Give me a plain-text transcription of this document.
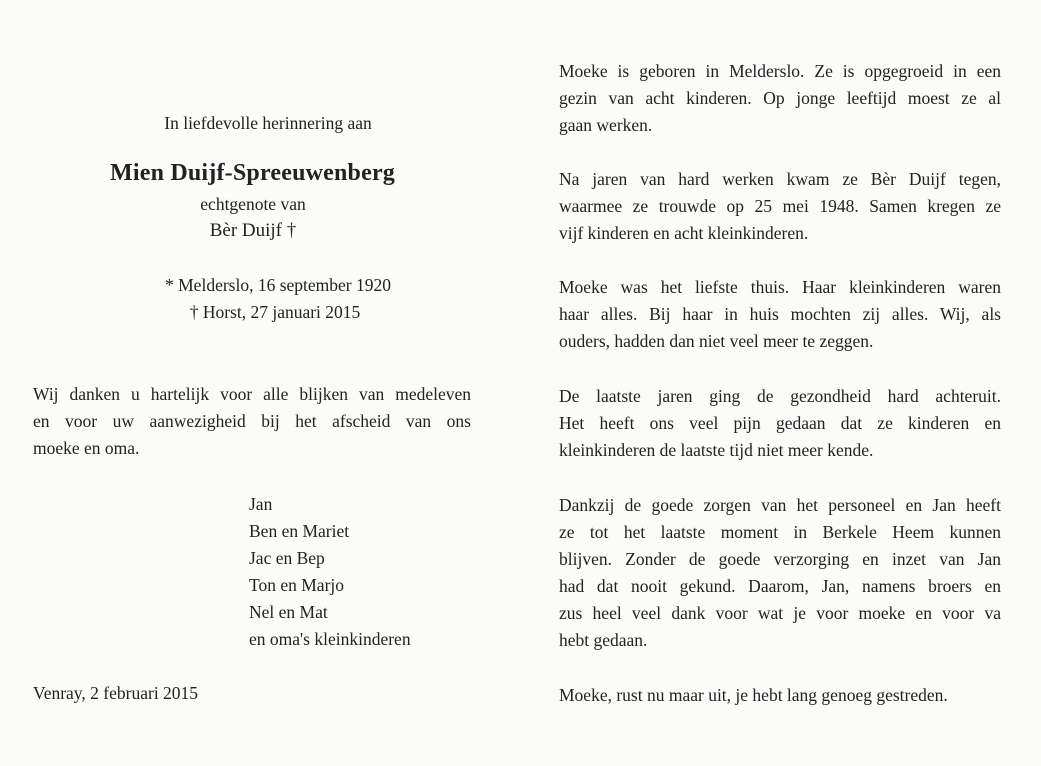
In liefdevolle herinnering aan

Mien Duijf-Spreeuwenberg

echtgenote van

Bèr Duijf †

* Melderslo, 16 september 1920

† Horst, 27 januari 2015

Wij danken u hartelijk voor alle blijken van medeleven
en voor uw aanwezigheid bij het afscheid van ons
moeke en oma.
Jan
Ben en Mariet
Jac en Bep
Ton en Marjo
Nel en Mat
en oma's kleinkinderen

Venray, 2 februari 2015

Moeke is geboren in Melderslo. Ze is opgegroeid in een
gezin van acht kinderen. Op jonge leeftijd moest ze al
gaan werken.
Na jaren van hard werken kwam ze Bèr Duijf tegen,
waarmee ze trouwde op 25 mei 1948. Samen kregen ze
vijf kinderen en acht kleinkinderen.
Moeke was het liefste thuis. Haar kleinkinderen waren
haar alles. Bij haar in huis mochten zij alles. Wij, als
ouders, hadden dan niet veel meer te zeggen.
De laatste jaren ging de gezondheid hard achteruit.
Het heeft ons veel pijn gedaan dat ze kinderen en
kleinkinderen de laatste tijd niet meer kende.
Dankzij de goede zorgen van het personeel en Jan heeft
ze tot het laatste moment in Berkele Heem kunnen
blijven. Zonder de goede verzorging en inzet van Jan
had dat nooit gekund. Daarom, Jan, namens broers en
zus heel veel dank voor wat je voor moeke en voor va
hebt gedaan.
Moeke, rust nu maar uit, je hebt lang genoeg gestreden.
